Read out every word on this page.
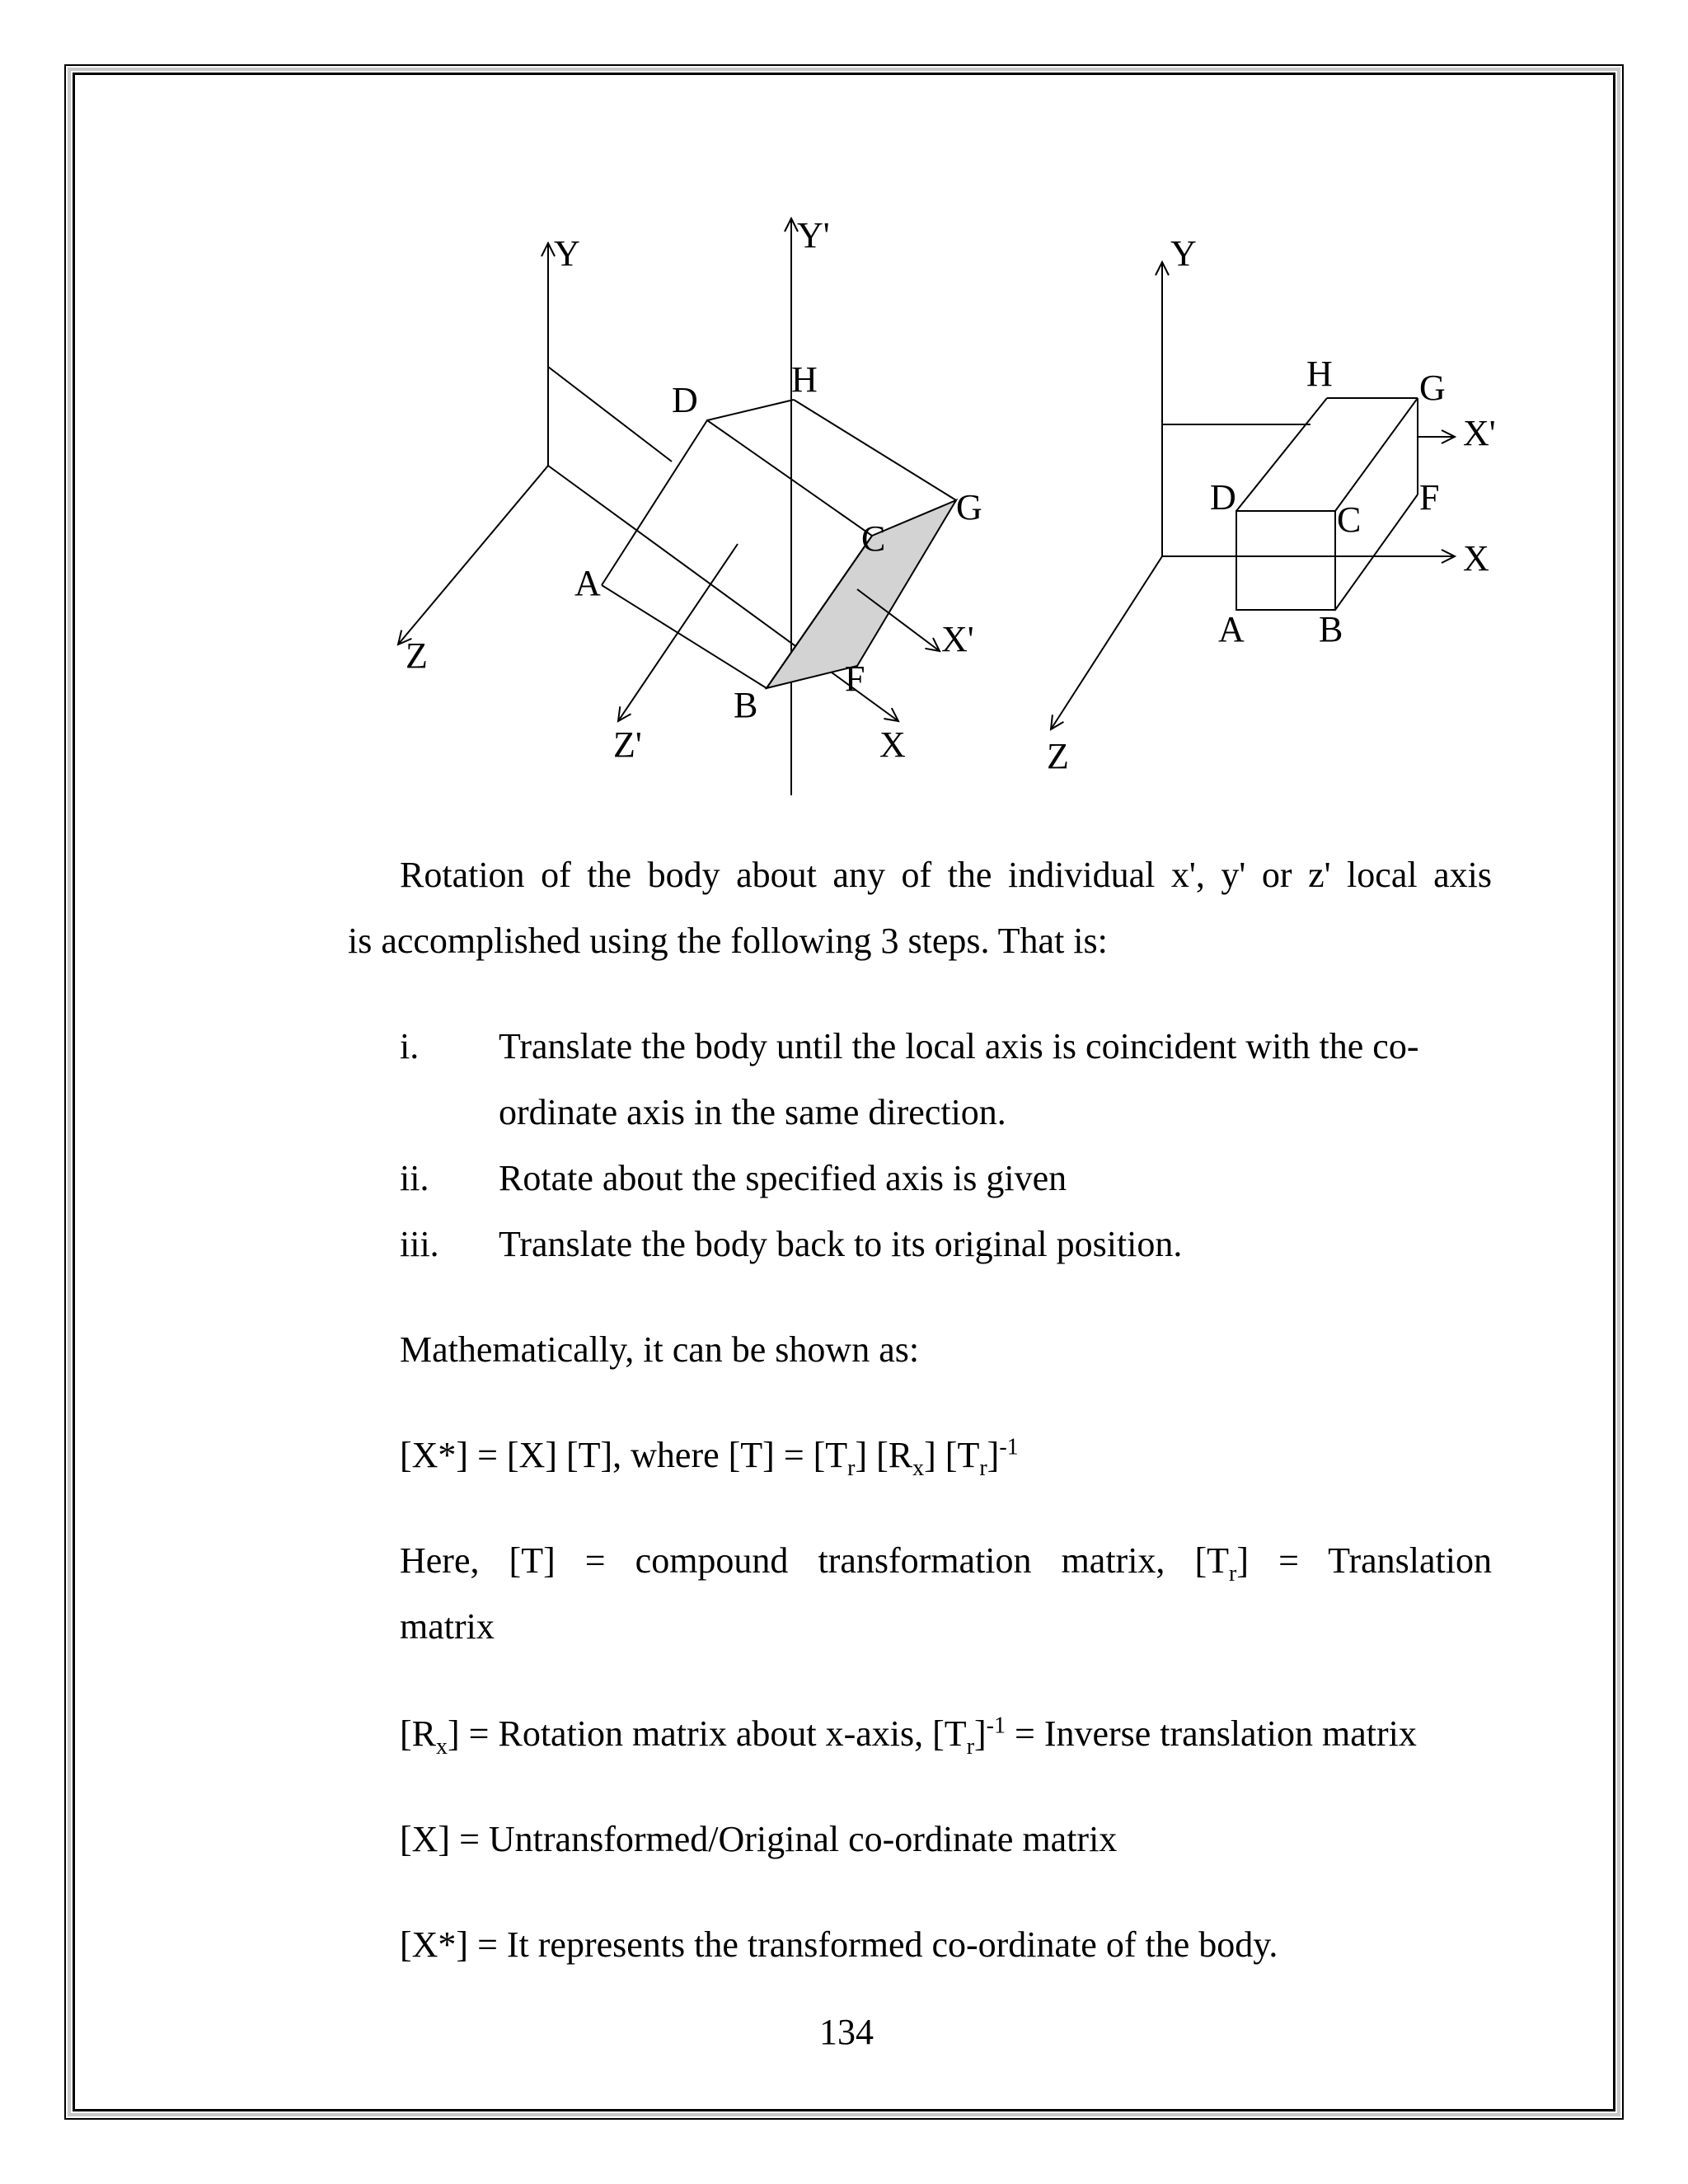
Y	Y'
Z
Z'	X
X'
A
B
C
D
F
G
H
Y
Z
X
X'
A B
C
D	F
G
H
Rotation of the body about any of the individual x', y' or z' local axis
is accomplished using the following 3 steps. That is:
i. Translate the body until the local axis is coincident with the co-
ordinate axis in the same direction.
ii. Rotate about the specified axis is given
iii. Translate the body back to its original position.
Mathematically, it can be shown as:
[X*] = [X] [T], where $[T] = [T_r]$ $[R_x]$ $[T_r]^{-1}$
Here, [T] = compound transformation matrix, $[T_r]$ = Translation
matrix
$[R_x]$ = Rotation matrix about x-axis, $[T_r]^{-1}$ = Inverse translation matrix
[X] = Untransformed/Original co-ordinate matrix
[X*] = It represents the transformed co-ordinate of the body.
134
